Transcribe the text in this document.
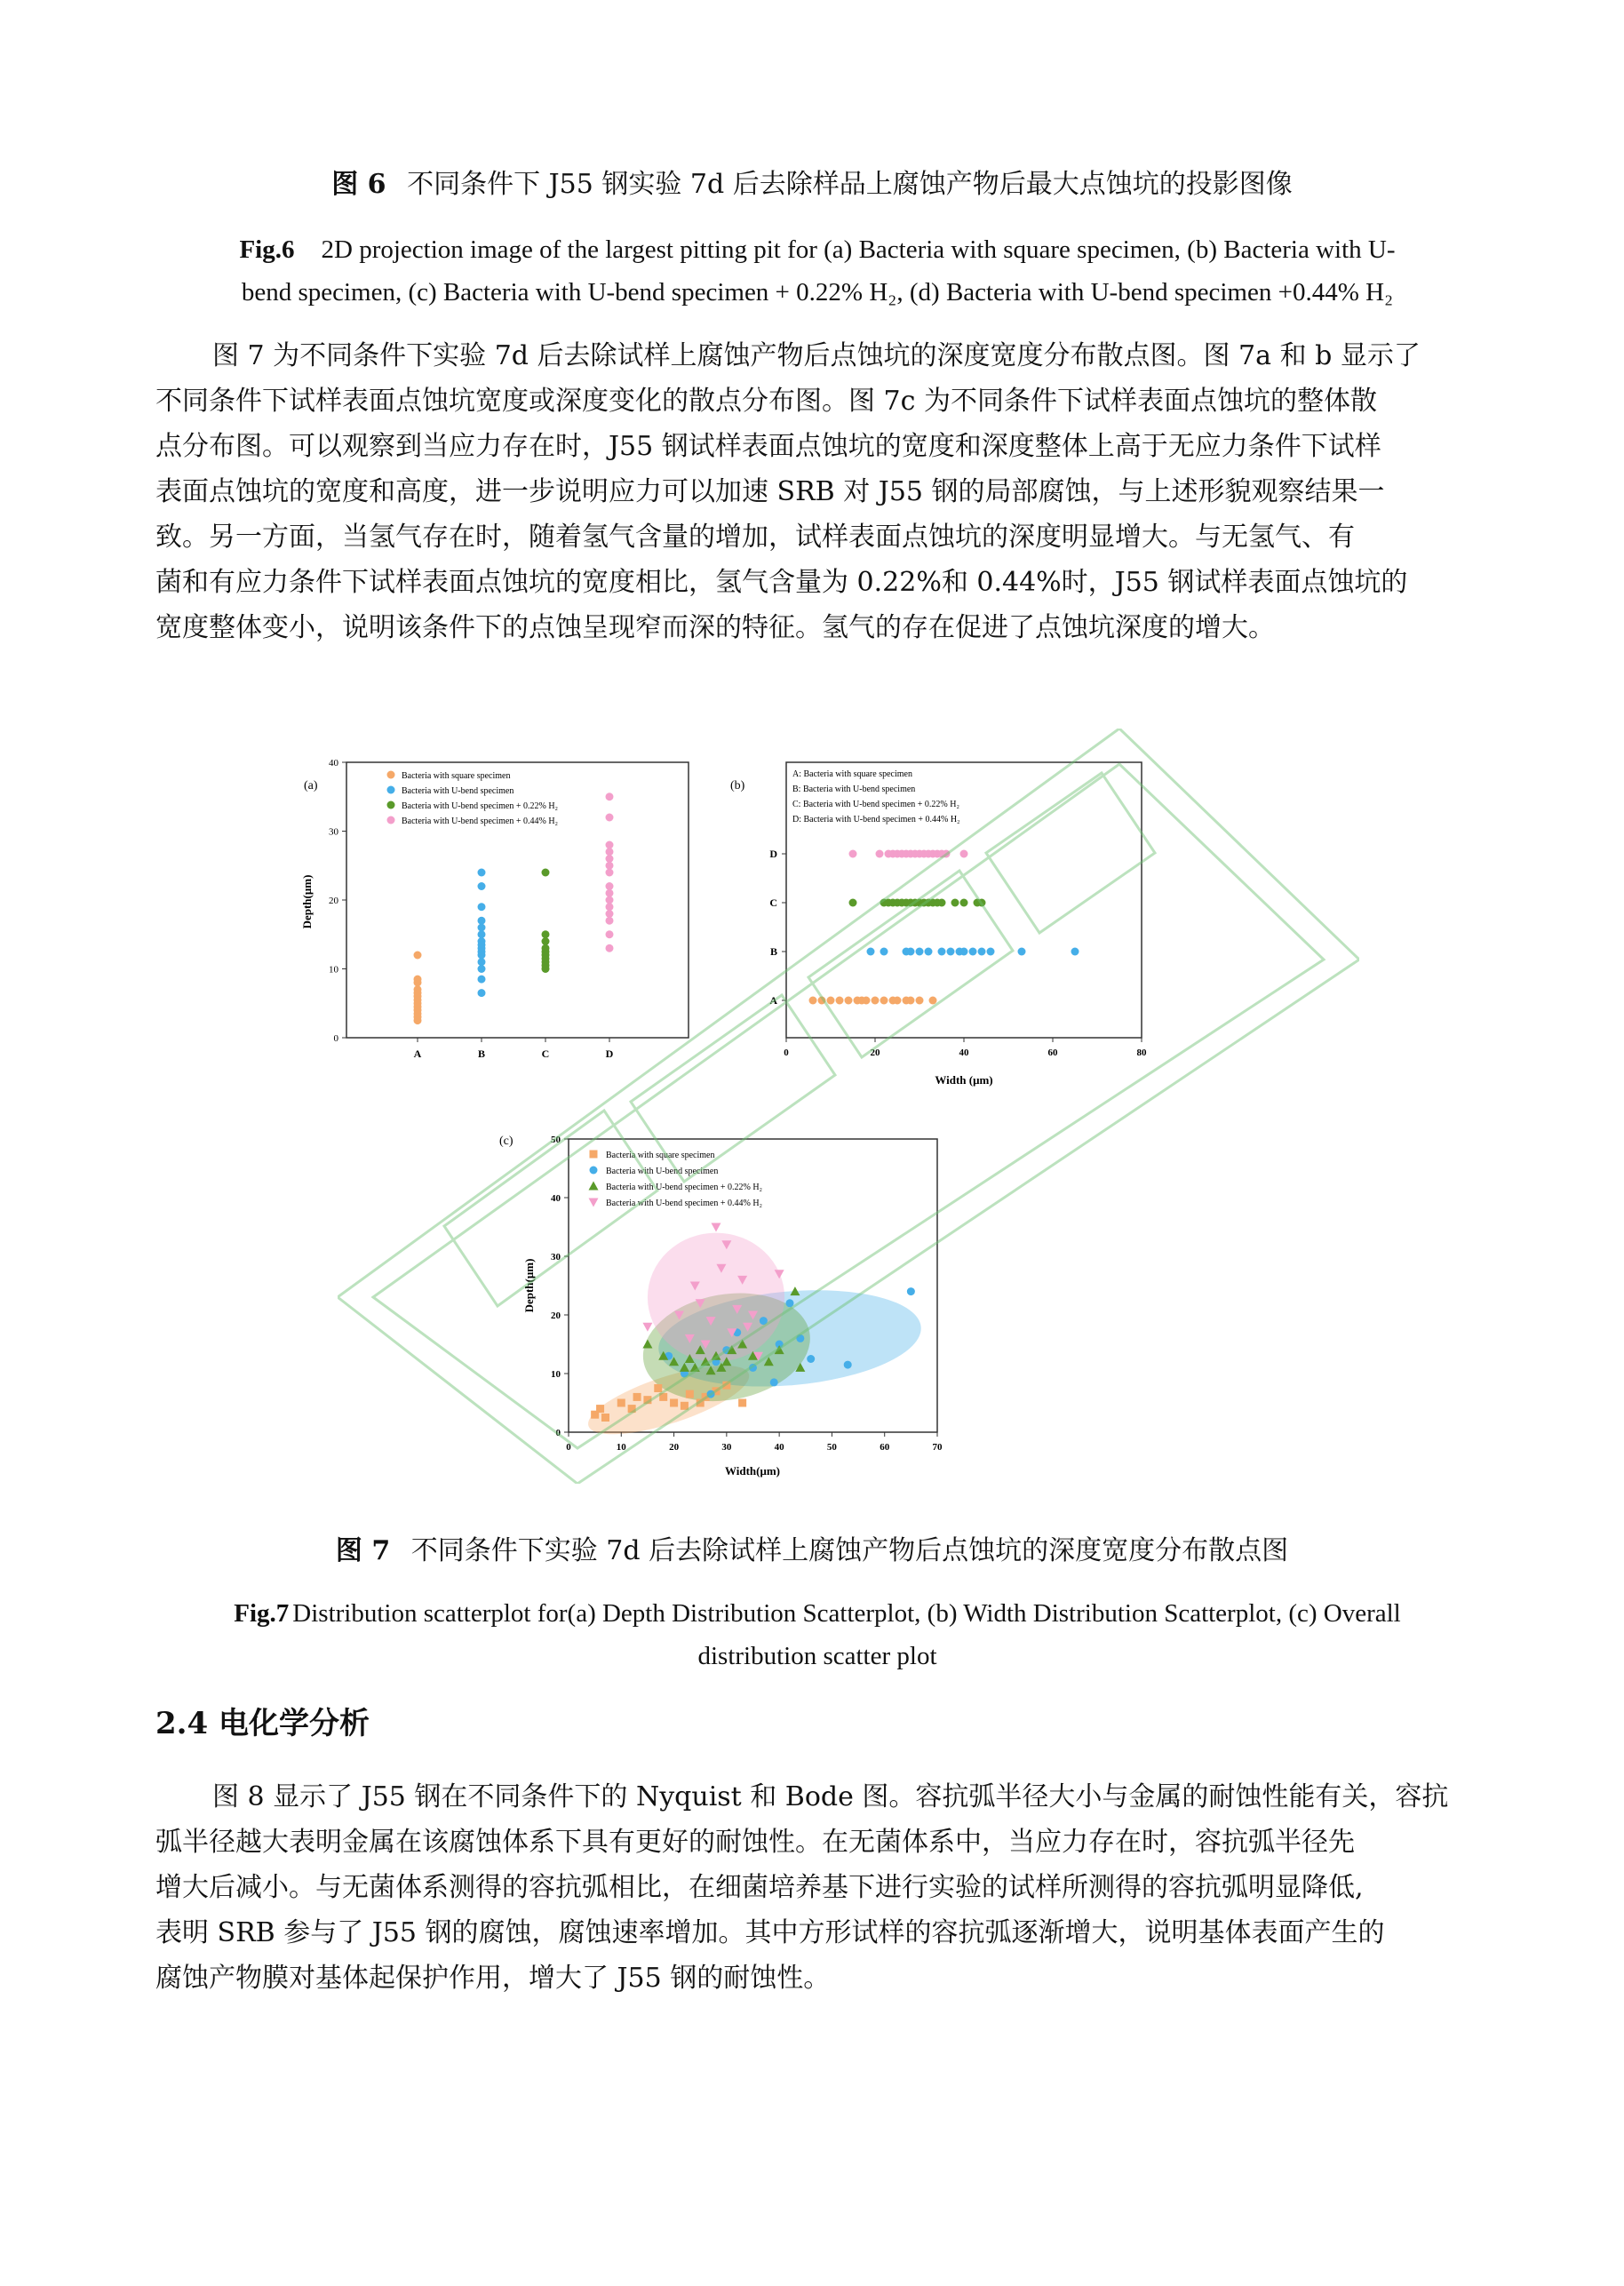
图 6 不同条件下 J55 钢实验 7d 后去除样品上腐蚀产物后最大点蚀坑的投影图像
Fig.6 2D projection image of the largest pitting pit for (a) Bacteria with square specimen, (b) Bacteria with U-
bend specimen, (c) Bacteria with U-bend specimen + 0.22% H₂, (d) Bacteria with U-bend specimen +0.44% H₂
图 7 为不同条件下实验 7d 后去除试样上腐蚀产物后点蚀坑的深度宽度分布散点图。图 7a 和 b 显示了
不同条件下试样表面点蚀坑宽度或深度变化的散点分布图。图 7c 为不同条件下试样表面点蚀坑的整体散
点分布图。可以观察到当应力存在时，J55 钢试样表面点蚀坑的宽度和深度整体上高于无应力条件下试样
表面点蚀坑的宽度和高度，进一步说明应力可以加速 SRB 对 J55 钢的局部腐蚀，与上述形貌观察结果一
致。另一方面，当氢气存在时，随着氢气含量的增加，试样表面点蚀坑的深度明显增大。与无氢气、有
菌和有应力条件下试样表面点蚀坑的宽度相比，氢气含量为 0.22%和 0.44%时，J55 钢试样表面点蚀坑的
宽度整体变小，说明该条件下的点蚀呈现窄而深的特征。氢气的存在促进了点蚀坑深度的增大。
(a)
Bacteria with square specimen
Bacteria with U-bend specimen
Bacteria with U-bend specimen + 0.22% H₂
Bacteria with U-bend specimen + 0.44% H₂
0
10
20
30
40
A	B	C	D
Depth(μm)
(b)
A: Bacteria with square specimen
B: Bacteria with U-bend specimen
C: Bacteria with U-bend specimen + 0.22% H₂
D: Bacteria with U-bend specimen + 0.44% H₂
0	20	40	60	80
A
B
C
D
Width (μm)
(c)
Bacteria with square specimen
Bacteria with U-bend specimen
Bacteria with U-bend specimen + 0.22% H₂
Bacteria with U-bend specimen + 0.44% H₂
0	10	20	30	40	50	60	70
0
10
20
30
40
50
Width(μm)
Depth(μm)
图 7 不同条件下实验 7d 后去除试样上腐蚀产物后点蚀坑的深度宽度分布散点图
Fig.7 Distribution scatterplot for(a) Depth Distribution Scatterplot, (b) Width Distribution Scatterplot, (c) Overall
distribution scatter plot
2.4 电化学分析
图 8 显示了 J55 钢在不同条件下的 Nyquist 和 Bode 图。容抗弧半径大小与金属的耐蚀性能有关，容抗
弧半径越大表明金属在该腐蚀体系下具有更好的耐蚀性。在无菌体系中，当应力存在时，容抗弧半径先
增大后减小。与无菌体系测得的容抗弧相比，在细菌培养基下进行实验的试样所测得的容抗弧明显降低,
表明 SRB 参与了 J55 钢的腐蚀，腐蚀速率增加。其中方形试样的容抗弧逐渐增大，说明基体表面产生的
腐蚀产物膜对基体起保护作用，增大了 J55 钢的耐蚀性。
